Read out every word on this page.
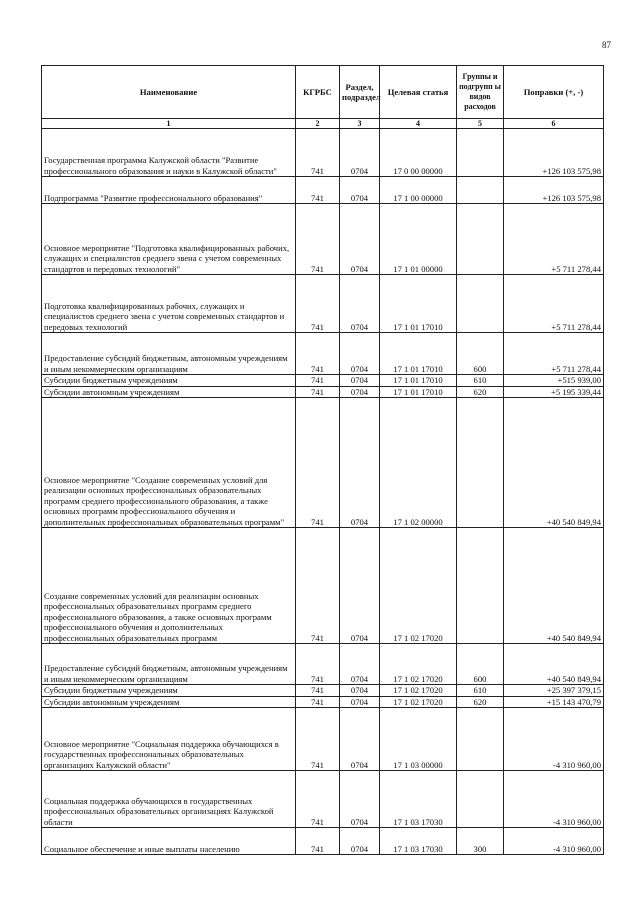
87
Наименование	КГРБС	Раздел, подраздел	Целевая статья	Группы и подгрупп ы видов расходов	Поправки (+, -)
1	2	3	4	5	6
Государственная программа Калужской области "Развитие профессионального образования и науки в Калужской области"	741	0704	17 0 00 00000		+126 103 575,98
Подпрограмма "Развитие профессионального образования"	741	0704	17 1 00 00000		+126 103 575,98
Основное мероприятие "Подготовка квалифицированных рабочих, служащих и специалистов среднего звена с учетом современных стандартов и передовых технологий"	741	0704	17 1 01 00000		+5 711 278,44
Подготовка квалифицированных рабочих, служащих и специалистов среднего звена с учетом современных стандартов и передовых технологий	741	0704	17 1 01 17010		+5 711 278,44
Предоставление субсидий бюджетным, автономным учреждениям и иным некоммерческим организациям	741	0704	17 1 01 17010	600	+5 711 278,44
Субсидии бюджетным учреждениям	741	0704	17 1 01 17010	610	+515 939,00
Субсидии автономным учреждениям	741	0704	17 1 01 17010	620	+5 195 339,44
Основное мероприятие "Создание современных условий для реализации основных профессиональных образовательных программ среднего профессионального образования, а также основных программ профессионального обучения и дополнительных профессиональных образовательных программ"	741	0704	17 1 02 00000		+40 540 849,94
Создание современных условий для реализации основных профессиональных образовательных программ среднего профессионального образования, а также основных программ профессионального обучения и дополнительных профессиональных образовательных программ	741	0704	17 1 02 17020		+40 540 849,94
Предоставление субсидий бюджетным, автономным учреждениям и иным некоммерческим организациям	741	0704	17 1 02 17020	600	+40 540 849,94
Субсидии бюджетным учреждениям	741	0704	17 1 02 17020	610	+25 397 379,15
Субсидии автономным учреждениям	741	0704	17 1 02 17020	620	+15 143 470,79
Основное мероприятие "Социальная поддержка обучающихся в государственных профессиональных образовательных организациях Калужской области"	741	0704	17 1 03 00000		-4 310 960,00
Социальная поддержка обучающихся в государственных профессиональных образовательных организациях Калужской области	741	0704	17 1 03 17030		-4 310 960,00
Социальное обеспечение и иные выплаты населению	741	0704	17 1 03 17030	300	-4 310 960,00
